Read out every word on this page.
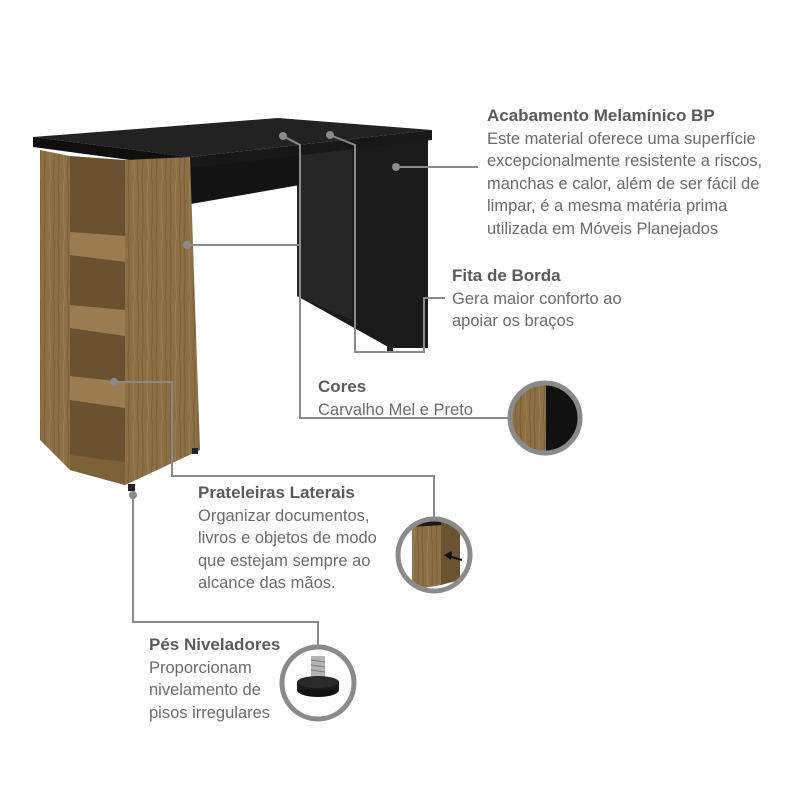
Acabamento Melamínico BP
Este material oferece uma superfície
excepcionalmente resistente a riscos,
manchas e calor, além de ser fácil de
limpar, é a mesma matéria prima
utilizada em Móveis Planejados
Fita de Borda
Gera maior conforto ao
apoiar os braços
Cores
Carvalho Mel e Preto
Prateleiras Laterais
Organizar documentos,
livros e objetos de modo
que estejam sempre ao
alcance das mãos.
Pés Niveladores
Proporcionam
nivelamento de
pisos irregulares
